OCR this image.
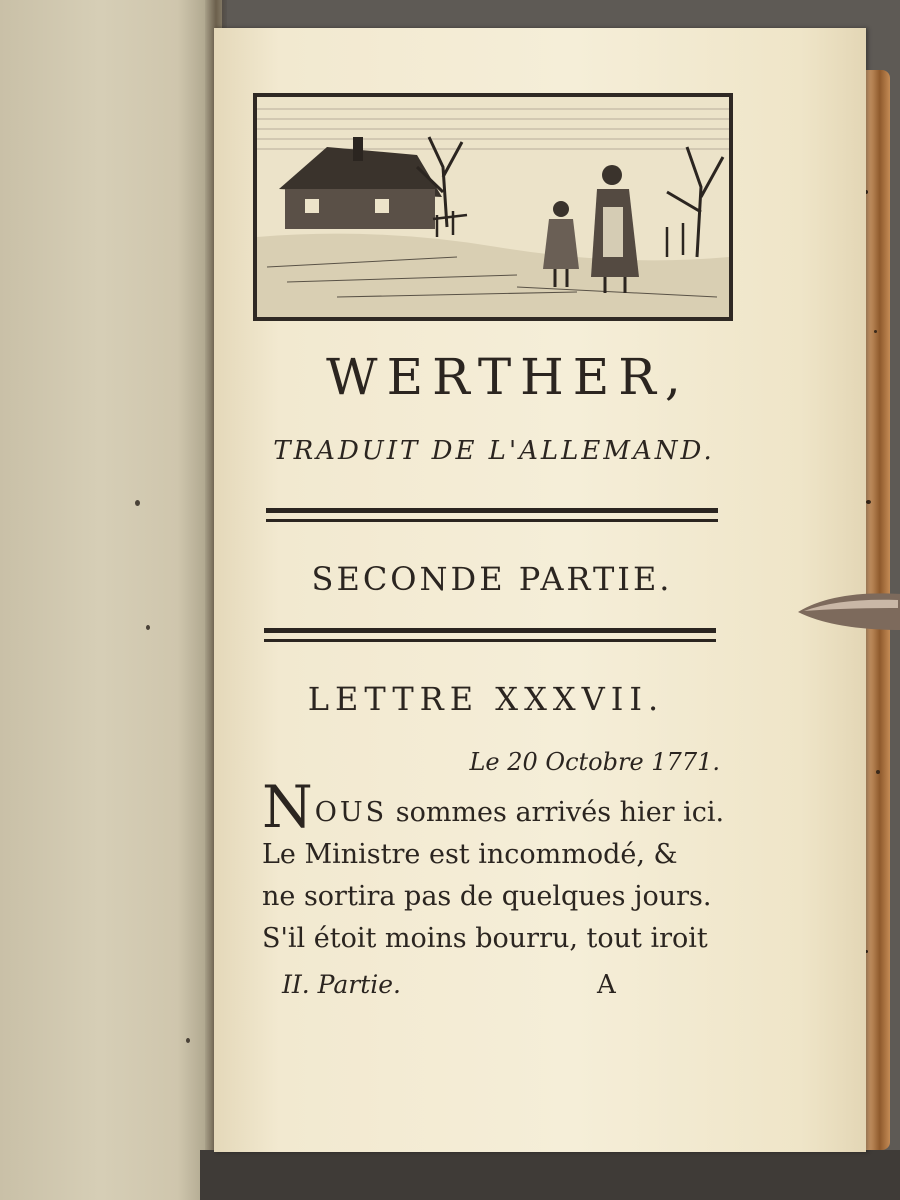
WERTHER,
TRADUIT DE L'ALLEMAND.
SECONDE PARTIE.
LETTRE XXXVII.
Le 20 Octobre 1771.
NOUS sommes arrivés hier ici.
Le Ministre est incommodé, &
ne sortira pas de quelques jours.
S'il étoit moins bourru, tout iroit
II. Partie.	A
